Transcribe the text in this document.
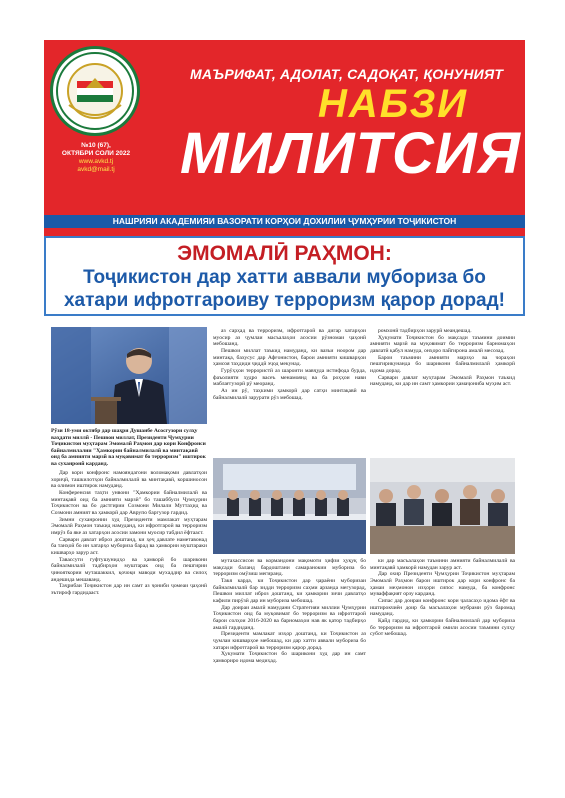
№10 (67),
ОКТЯБРИ СОЛИ 2022
www.avkd.tj
avkd@mail.tj
МАЪРИФАТ, АДОЛАТ, САДОҚАТ, ҚОНУНИЯТ
НАБЗИ
МИЛИТСИЯ
НАШРИЯИ АКАДЕМИЯИ ВАЗОРАТИ КОРҲОИ ДОХИЛИИ ҶУМҲУРИИ ТОҶИКИСТОН
ЭМОМАЛӢ РАҲМОН:
Тоҷикистон дар хатти аввали мубориза бо хатари ифротгароиву терроризм қарор дорад!
Рӯзи 18-уми октябр дар шаҳри Душанбе Асосгузори сулҳу ваҳдати миллӣ - Пешвои миллат, Президенти Ҷумҳурии Тоҷикистон муҳтарам Эмомалӣ Раҳмон дар кори Конфронси байналмилалии "Ҳамкории байналмилалӣ ва минтақавӣ оид ба амнияти марзӣ ва муқовимат бо терроризм" иштирок ва суханронӣ карданд.

Дар кори конфронс намояндагони воломақоми давлатҳои хориҷӣ, ташкилотҳои байналмилалӣ ва минтақавӣ, коршиносон ва олимон иштирок намуданд.

Конференсия таҳти унвони "Ҳамкории байналмилалӣ ва минтақавӣ оид ба амнияти марзӣ" бо ташаббуси Ҷумҳурии Тоҷикистон ва бо дастгирии Созмони Милали Муттаҳид ва Созмони амният ва ҳамкорӣ дар Аврупо баргузор гардид.

Зимни суханронии худ Президенти мамлакат муҳтарам Эмомалӣ Раҳмон таъкид намуданд, ки ифротгароӣ ва терроризм имрӯз ба яке аз хатарҳои асосии замони муосир табдил ёфтааст.

Сарвари давлат иброз доштанд, ки ҳеҷ давлате наметавонад ба танҳоӣ бо ин хатарҳо мубориза барад ва ҳамкории муштараки кишварҳо зарур аст.

Тавассути гуфтушунидҳо ва ҳамкорӣ бо шарикони байналмилалӣ тадбирҳои муштарак оид ба пешгирии ҷинояткории муташаккил, қочоқи маводи мухаддир ва силоҳ андешида мешаванд.

Таҷрибаи Тоҷикистон дар ин самт аз ҷониби ҷомеаи ҷаҳонӣ эътироф гардидааст.

аз сарҳад ва терроризм, ифротгароӣ ва дигар хатарҳои муосир аз ҷумлаи масъалаҳои асосии рӯзномаи ҷаҳонӣ мебошанд.

Пешвои миллат таъкид намуданд, ки вазъи ноором дар минтақа, бахусус дар Афғонистон, барои амнияти кишварҳои ҳамсоя таҳдиди ҷиддӣ эҷод мекунад.

Гурӯҳҳои террористӣ аз шароити мавҷуда истифода бурда, фаъолияти худро васеъ менамоянд ва ба роҳҳои нави маблағгузорӣ рӯ меоранд.

Аз ин рӯ, таҳкими ҳамкорӣ дар сатҳи минтақавӣ ва байналмилалӣ зарурати рӯз мебошад.

ромхонӣ тадбирҳои зарурӣ меандешад.

Ҳукумати Тоҷикистон бо мақсади таъмини доимии амнияти марзӣ ва муқовимат бо терроризм барномаҳои давлатӣ қабул намуда, онҳоро пайгирона амалӣ месозад.

Барои таъмини амнияти марзҳо ва чораҳои пешгирикунанда бо шарикони байналмилалӣ ҳамкорӣ идома дорад.

Сарвари давлат муҳтарам Эмомалӣ Раҳмон таъкид намуданд, ки дар ин самт ҳамкории ҳамаҷониба муҳим аст.

мутахассисон ва кормандони мақомоти ҳифзи ҳуқуқ бо мақсади баланд бардоштани самаранокии мубориза бо терроризм омӯзиш мегиранд.

Такя карда, ки Тоҷикистон дар ҷараёни муборизаи байналмилалӣ бар зидди терроризм саҳми арзанда мегузорад, Пешвои миллат иброз доштанд, ки ҳамкории зичи давлатҳо кафили пирӯзӣ дар ин мубориза мебошад.

Дар доираи амалӣ намудани Стратегияи миллии Ҷумҳурии Тоҷикистон оид ба муқовимат бо терроризм ва ифротгароӣ барои солҳои 2016-2020 ва барномаҳои нав як қатор тадбирҳо амалӣ гардиданд.

Президенти мамлакат изҳор доштанд, ки Тоҷикистон аз ҷумлаи кишварҳое мебошад, ки дар хатти аввали мубориза бо хатари ифротгароӣ ва терроризм қарор дорад.

Ҳукумати Тоҷикистон бо шарикони худ дар ин самт ҳамкориро идома медиҳад.

ки дар масъалаҳои таъмини амнияти байналмилалӣ ва минтақавӣ ҳамкорӣ намудан зарур аст.

Дар охир Президенти Ҷумҳурии Тоҷикистон муҳтарам Эмомалӣ Раҳмон барои иштирок дар кори конфронс ба ҳамаи меҳмонон изҳори сипос намуда, ба конфронс муваффақият орзу карданд.

Сипас дар доираи конфронс кори ҷаласаҳо идома ёфт ва иштирокчиён доир ба масъалаҳои мубрами рӯз баромад намуданд.

Қайд гардид, ки ҳамкории байналмилалӣ дар мубориза бо терроризм ва ифротгароӣ омили асосии таъмини сулҳу субот мебошад.
